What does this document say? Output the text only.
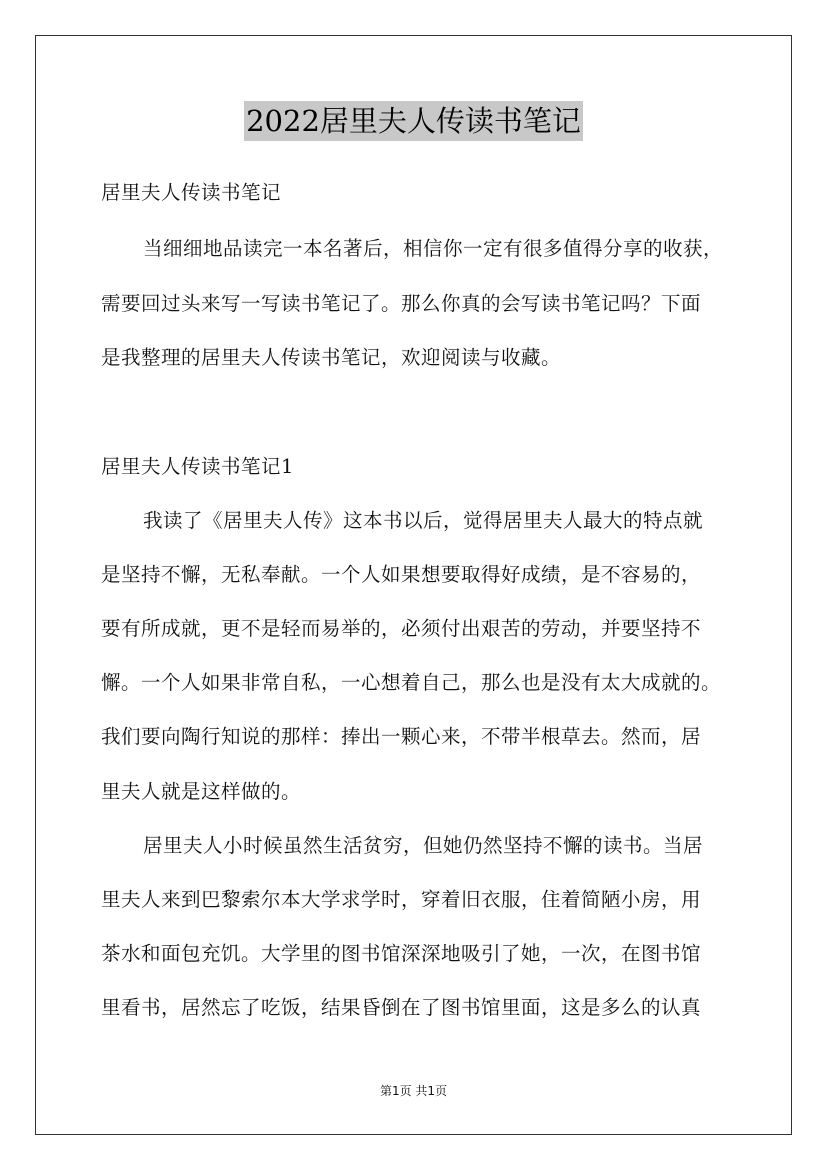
2022居里夫人传读书笔记
居里夫人传读书笔记
当细细地品读完一本名著后，相信你一定有很多值得分享的收获，
需要回过头来写一写读书笔记了。那么你真的会写读书笔记吗？下面
是我整理的居里夫人传读书笔记，欢迎阅读与收藏。
居里夫人传读书笔记1
我读了《居里夫人传》这本书以后，觉得居里夫人最大的特点就
是坚持不懈，无私奉献。一个人如果想要取得好成绩，是不容易的，
要有所成就，更不是轻而易举的，必须付出艰苦的劳动，并要坚持不
懈。一个人如果非常自私，一心想着自己，那么也是没有太大成就的。
我们要向陶行知说的那样：捧出一颗心来，不带半根草去。然而，居
里夫人就是这样做的。
居里夫人小时候虽然生活贫穷，但她仍然坚持不懈的读书。当居
里夫人来到巴黎索尔本大学求学时，穿着旧衣服，住着简陋小房，用
茶水和面包充饥。大学里的图书馆深深地吸引了她，一次，在图书馆
里看书，居然忘了吃饭，结果昏倒在了图书馆里面，这是多么的认真
第1页 共1页
